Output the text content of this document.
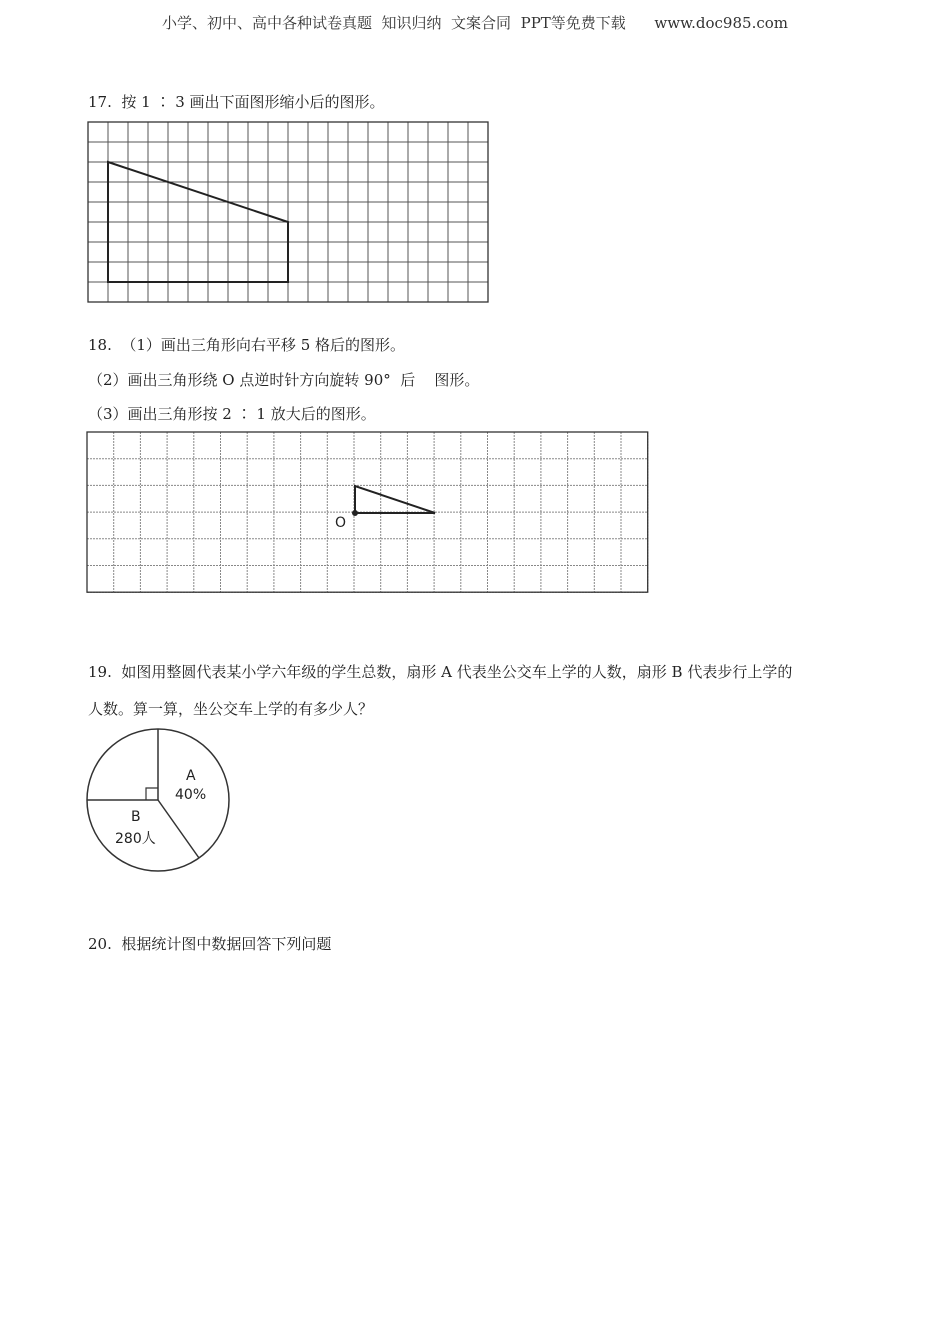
小学、初中、高中各种试卷真题  知识归纳  文案合同  PPT等免费下载      www.doc985.com
17.  按 1 ∶ 3 画出下面图形缩小后的图形。
18.  （1）画出三角形向右平移 5 格后的图形。
（2）画出三角形绕 O 点逆时针方向旋转 90°  后    图形。
（3）画出三角形按 2 ∶ 1 放大后的图形。
O
19.  如图用整圆代表某小学六年级的学生总数，扇形 A 代表坐公交车上学的人数，扇形 B 代表步行上学的
人数。算一算，坐公交车上学的有多少人？
A
40%
B
280人
20.  根据统计图中数据回答下列问题
